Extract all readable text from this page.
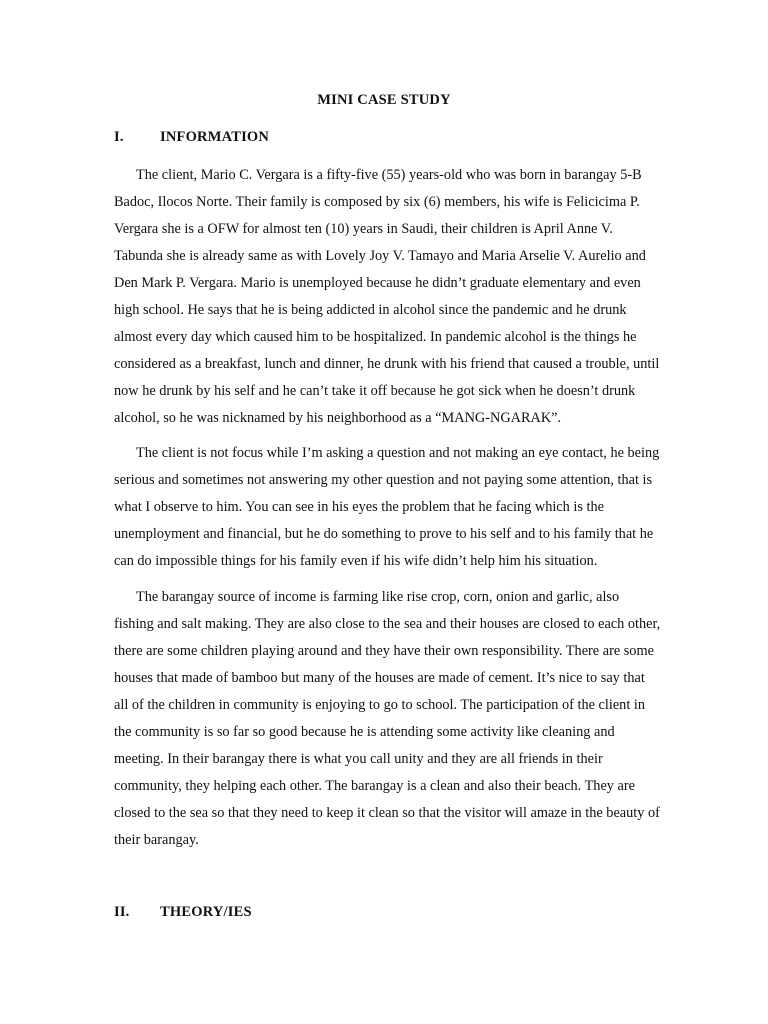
MINI CASE STUDY
I.	INFORMATION

The client, Mario C. Vergara is a fifty-five (55) years-old who was born in barangay 5-B Badoc, Ilocos Norte. Their family is composed by six (6) members, his wife is Felicicima P. Vergara she is a OFW for almost ten (10) years in Saudi, their children is April Anne V. Tabunda she is already same as with Lovely Joy V. Tamayo and Maria Arselie V. Aurelio and Den Mark P. Vergara. Mario is unemployed because he didn’t graduate elementary and even high school. He says that he is being addicted in alcohol since the pandemic and he drunk almost every day which caused him to be hospitalized. In pandemic alcohol is the things he considered as a breakfast, lunch and dinner, he drunk with his friend that caused a trouble, until now he drunk by his self and he can’t take it off because he got sick when he doesn’t drunk alcohol, so he was nicknamed by his neighborhood as a “MANG-NGARAK”.

The client is not focus while I’m asking a question and not making an eye contact, he being serious and sometimes not answering my other question and not paying some attention, that is what I observe to him. You can see in his eyes the problem that he facing which is the unemployment and financial, but he do something to prove to his self and to his family that he can do impossible things for his family even if his wife didn’t help him his situation.

The barangay source of income is farming like rise crop, corn, onion and garlic, also fishing and salt making. They are also close to the sea and their houses are closed to each other, there are some children playing around and they have their own responsibility. There are some houses that made of bamboo but many of the houses are made of cement. It’s nice to say that all of the children in community is enjoying to go to school. The participation of the client in the community is so far so good because he is attending some activity like cleaning and meeting. In their barangay there is what you call unity and they are all friends in their community, they helping each other. The barangay is a clean and also their beach. They are closed to the sea so that they need to keep it clean so that the visitor will amaze in the beauty of their barangay.

II.	THEORY/IES
